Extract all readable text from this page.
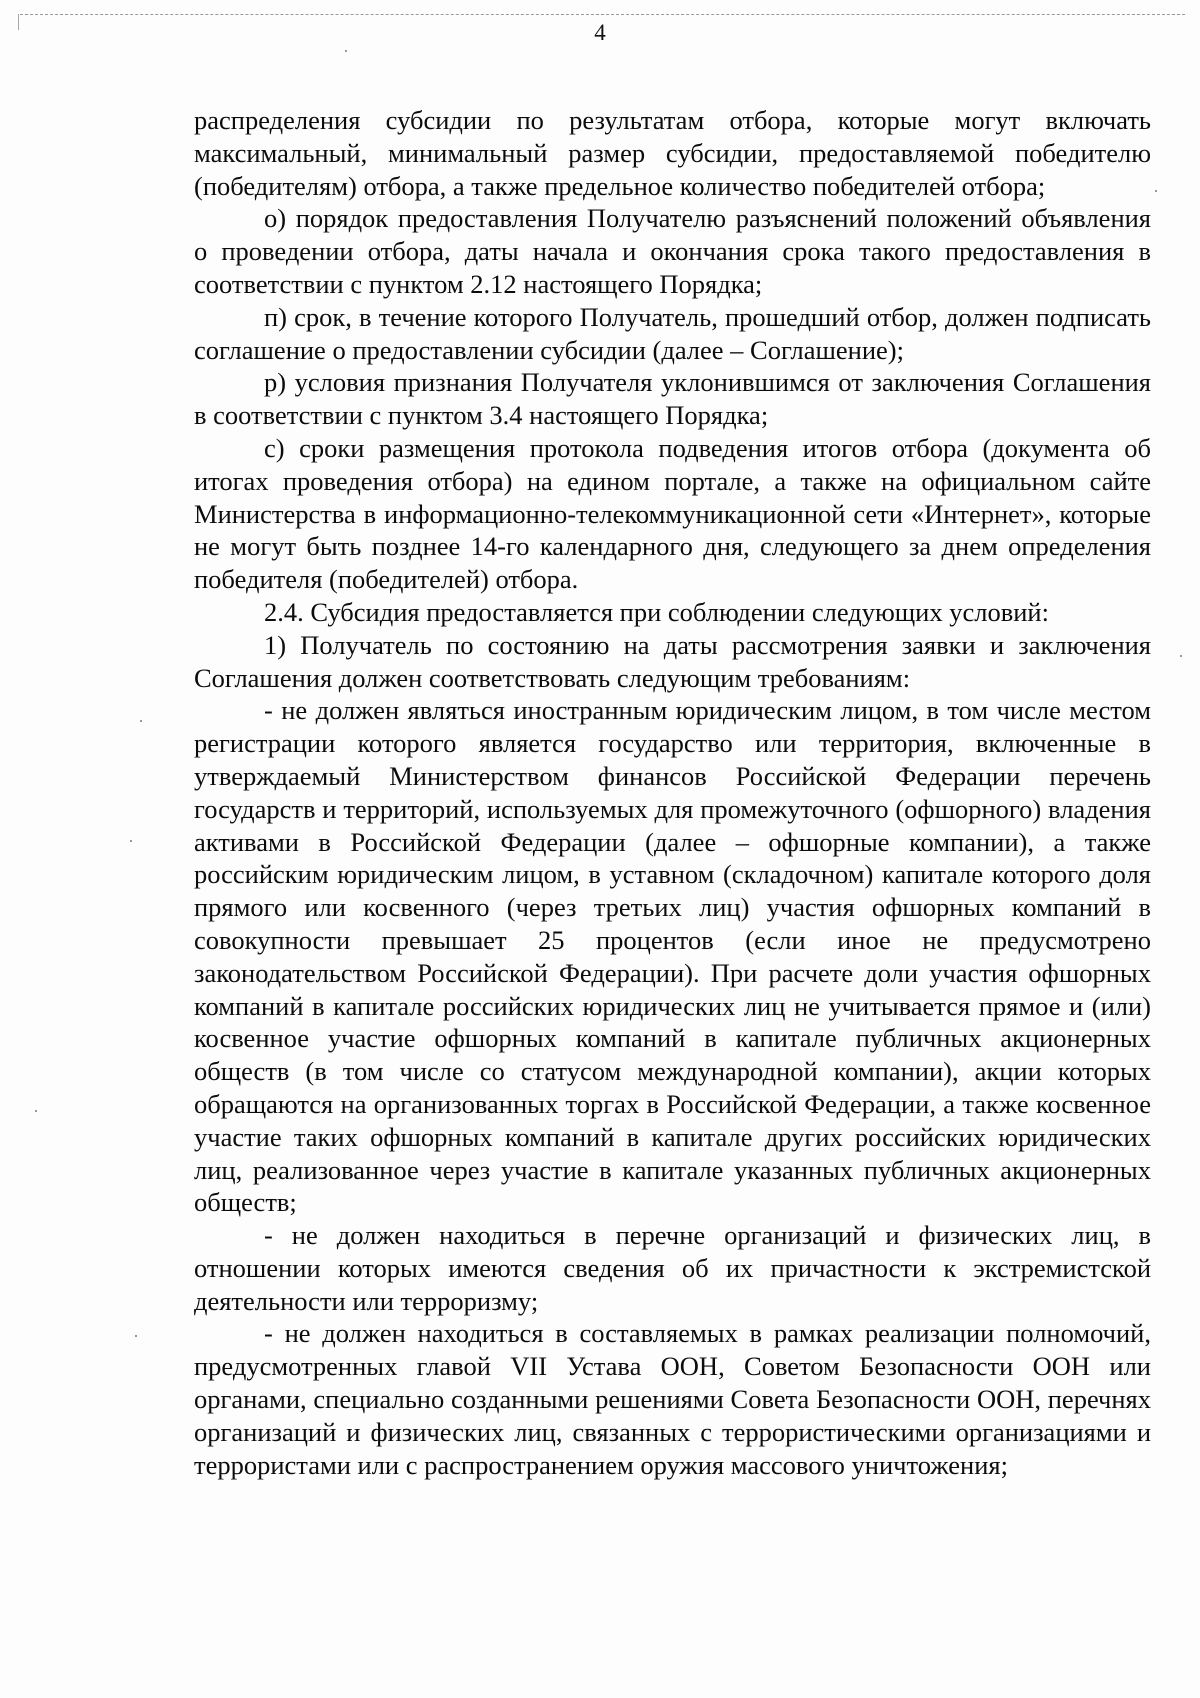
4

распределения субсидии по результатам отбора, которые могут включать максимальный, минимальный размер субсидии, предоставляемой победителю (победителям) отбора, а также предельное количество победителей отбора;

о) порядок предоставления Получателю разъяснений положений объявления о проведении отбора, даты начала и окончания срока такого предоставления в соответствии с пунктом 2.12 настоящего Порядка;

п) срок, в течение которого Получатель, прошедший отбор, должен подписать соглашение о предоставлении субсидии (далее – Соглашение);

р) условия признания Получателя уклонившимся от заключения Соглашения в соответствии с пунктом 3.4 настоящего Порядка;

с) сроки размещения протокола подведения итогов отбора (документа об итогах проведения отбора) на едином портале, а также на официальном сайте Министерства в информационно-телекоммуникационной сети «Интернет», которые не могут быть позднее 14-го календарного дня, следующего за днем определения победителя (победителей) отбора.

2.4. Субсидия предоставляется при соблюдении следующих условий:

1) Получатель по состоянию на даты рассмотрения заявки и заключения Соглашения должен соответствовать следующим требованиям:

- не должен являться иностранным юридическим лицом, в том числе местом регистрации которого является государство или территория, включенные в утверждаемый Министерством финансов Российской Федерации перечень государств и территорий, используемых для промежуточного (офшорного) владения активами в Российской Федерации (далее – офшорные компании), а также российским юридическим лицом, в уставном (складочном) капитале которого доля прямого или косвенного (через третьих лиц) участия офшорных компаний в совокупности превышает 25 процентов (если иное не предусмотрено законодательством Российской Федерации). При расчете доли участия офшорных компаний в капитале российских юридических лиц не учитывается прямое и (или) косвенное участие офшорных компаний в капитале публичных акционерных обществ (в том числе со статусом международной компании), акции которых обращаются на организованных торгах в Российской Федерации, а также косвенное участие таких офшорных компаний в капитале других российских юридических лиц, реализованное через участие в капитале указанных публичных акционерных обществ;

- не должен находиться в перечне организаций и физических лиц, в отношении которых имеются сведения об их причастности к экстремистской деятельности или терроризму;

- не должен находиться в составляемых в рамках реализации полномочий, предусмотренных главой VII Устава ООН, Советом Безопасности ООН или органами, специально созданными решениями Совета Безопасности ООН, перечнях организаций и физических лиц, связанных с террористическими организациями и террористами или с распространением оружия массового уничтожения;
